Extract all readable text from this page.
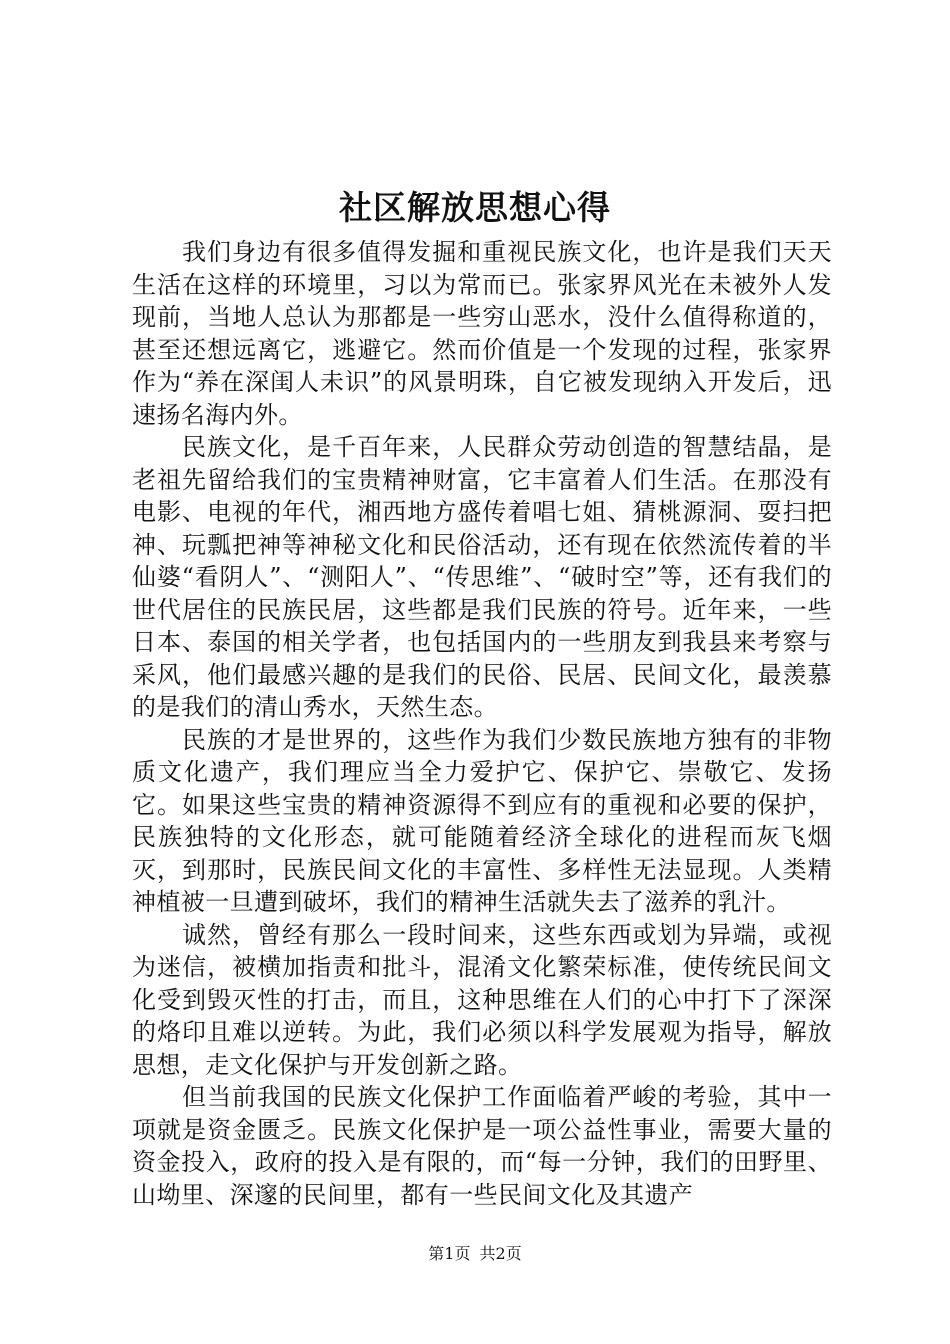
社区解放思想心得

我们身边有很多值得发掘和重视民族文化，也许是我们天天生活在这样的环境里，习以为常而已。张家界风光在未被外人发现前，当地人总认为那都是一些穷山恶水，没什么值得称道的，甚至还想远离它，逃避它。然而价值是一个发现的过程，张家界作为“养在深闺人未识”的风景明珠，自它被发现纳入开发后，迅速扬名海内外。

民族文化，是千百年来，人民群众劳动创造的智慧结晶，是老祖先留给我们的宝贵精神财富，它丰富着人们生活。在那没有电影、电视的年代，湘西地方盛传着唱七姐、猜桃源洞、耍扫把神、玩瓢把神等神秘文化和民俗活动，还有现在依然流传着的半仙婆“看阴人”、“测阳人”、“传思维”、“破时空”等，还有我们的世代居住的民族民居，这些都是我们民族的符号。近年来，一些日本、泰国的相关学者，也包括国内的一些朋友到我县来考察与采风，他们最感兴趣的是我们的民俗、民居、民间文化，最羡慕的是我们的清山秀水，天然生态。

民族的才是世界的，这些作为我们少数民族地方独有的非物质文化遗产，我们理应当全力爱护它、保护它、崇敬它、发扬它。如果这些宝贵的精神资源得不到应有的重视和必要的保护，民族独特的文化形态，就可能随着经济全球化的进程而灰飞烟灭，到那时，民族民间文化的丰富性、多样性无法显现。人类精神植被一旦遭到破坏，我们的精神生活就失去了滋养的乳汁。

诚然，曾经有那么一段时间来，这些东西或划为异端，或视为迷信，被横加指责和批斗，混淆文化繁荣标准，使传统民间文化受到毁灭性的打击，而且，这种思维在人们的心中打下了深深的烙印且难以逆转。为此，我们必须以科学发展观为指导，解放思想，走文化保护与开发创新之路。

但当前我国的民族文化保护工作面临着严峻的考验，其中一项就是资金匮乏。民族文化保护是一项公益性事业，需要大量的资金投入，政府的投入是有限的，而“每一分钟，我们的田野里、山坳里、深邃的民间里，都有一些民间文化及其遗产

第1页 共2页
